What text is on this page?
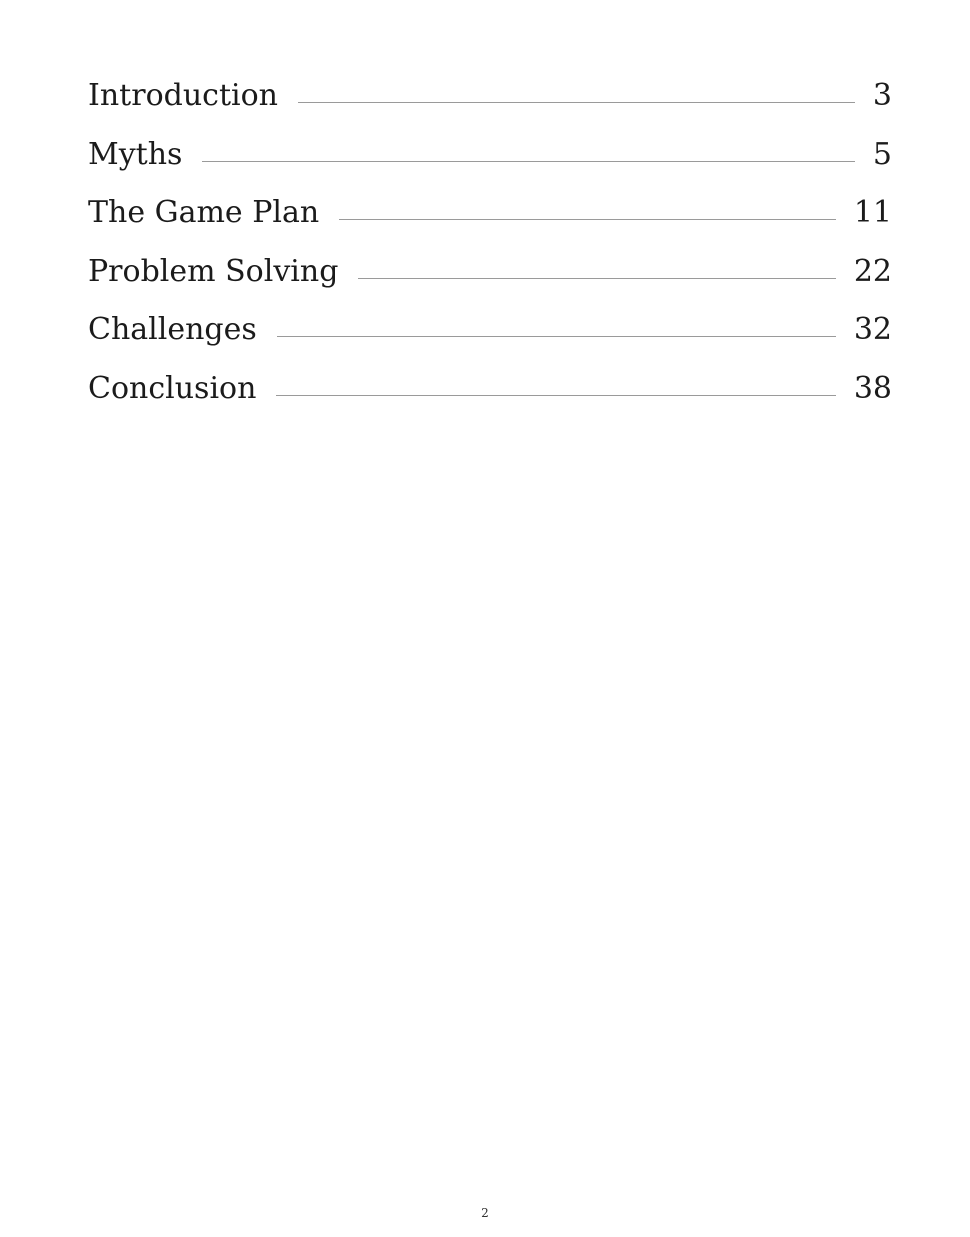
Introduction	3
Myths	5
The Game Plan	11
Problem Solving	22
Challenges	32
Conclusion	38
2
